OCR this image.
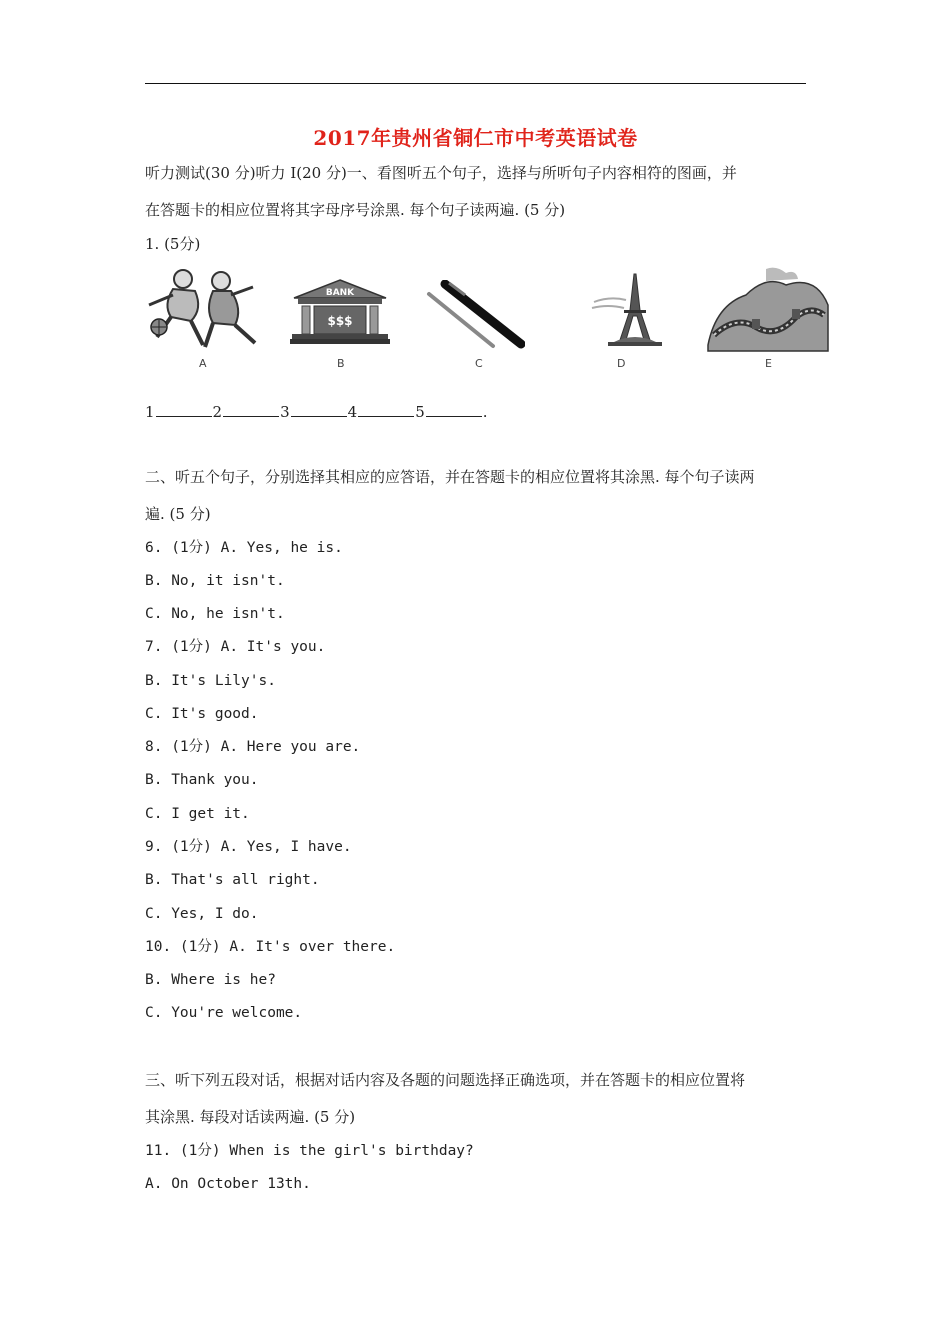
2017年贵州省铜仁市中考英语试卷
听力测试(30 分)听力 I(20 分)一、看图听五个句子，选择与所听句子内容相符的图画，并
在答题卡的相应位置将其字母序号涂黑. 每个句子读两遍. (5 分)
1. (5分)
A
BANK
$$$
B	C	D	E
1	2	3	4	5	.
二、听五个句子，分别选择其相应的应答语，并在答题卡的相应位置将其涂黑. 每个句子读两
遍. (5 分)
6. (1分) A. Yes, he is.
B. No, it isn't.
C. No, he isn't.
7. (1分) A. It's you.
B. It's Lily's.
C. It's good.
8. (1分) A. Here you are.
B. Thank you.
C. I get it.
9. (1分) A. Yes, I have.
B. That's all right.
C. Yes, I do.
10. (1分) A. It's over there.
B. Where is he?
C. You're welcome.
三、听下列五段对话，根据对话内容及各题的问题选择正确选项，并在答题卡的相应位置将
其涂黑. 每段对话读两遍. (5 分)
11. (1分) When is the girl's birthday?
A. On October 13th.
